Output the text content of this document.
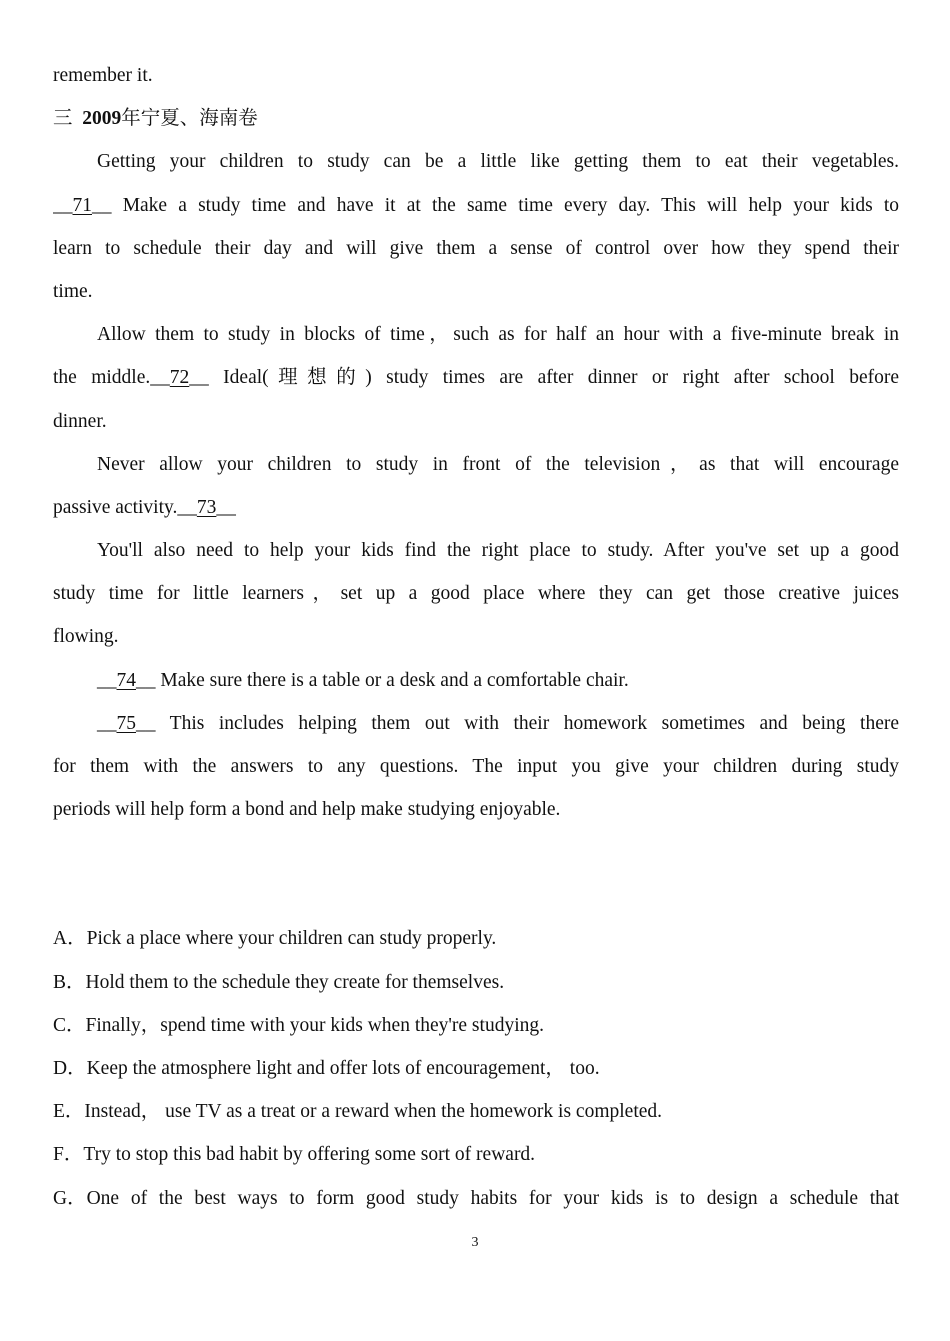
remember it.
三 2009年宁夏、海南卷
Getting your children to study can be a little like getting them to eat their vegetables.
__71__ Make a study time and have it at the same time every day. This will help your kids to
learn to schedule their day and will give them a sense of control over how they spend their
time.
Allow them to study in blocks of time，such as for half an hour with a five-minute break in
the middle.__72__ Ideal(理想的) study times are after dinner or right after school before
dinner.
Never allow your children to study in front of the television，as that will encourage
passive activity.__73__
You'll also need to help your kids find the right place to study. After you've set up a good
study time for little learners，set up a good place where they can get those creative juices
flowing.
__74__ Make sure there is a table or a desk and a comfortable chair.
__75__ This includes helping them out with their homework sometimes and being there
for them with the answers to any questions. The input you give your children during study
periods will help form a bond and help make studying enjoyable.
A．Pick a place where your children can study properly.
B．Hold them to the schedule they create for themselves.
C．Finally，spend time with your kids when they're studying.
D．Keep the atmosphere light and offer lots of encouragement， too.
E．Instead， use TV as a treat or a reward when the homework is completed.
F．Try to stop this bad habit by offering some sort of reward.
G．One of the best ways to form good study habits for your kids is to design a schedule that
3
